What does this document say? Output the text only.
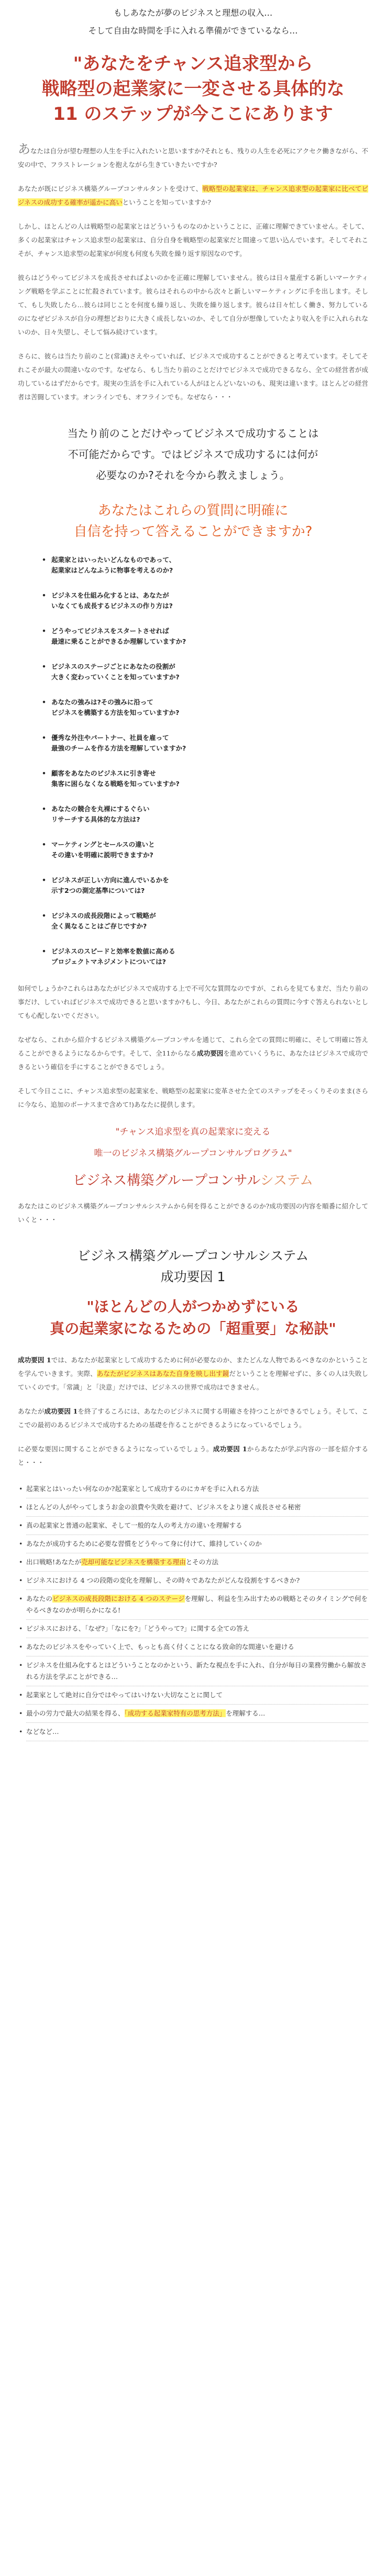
もしあなたが夢のビジネスと理想の収入…
そして自由な時間を手に入れる準備ができているなら…
"あなたをチャンス追求型から
戦略型の起業家に一変させる具体的な
11 のステップが今ここにあります

あなたは自分が望む理想の人生を手に入れたいと思いますか?それとも、残りの人生を必死にアクセク働きながら、不安の中で、フラストレーションを抱えながら生きていきたいですか?

あなたが既にビジネス構築グループコンサルタントを受けて、戦略型の起業家は、チャンス追求型の起業家に比べてビジネスの成功する確率が遥かに高いということを知っていますか?

しかし、ほとんどの人は戦略型の起業家とはどういうものなのかということに、正確に理解できていません。そして、多くの起業家はチャンス追求型の起業家は、自分自身を戦略型の起業家だと間違って思い込んでいます。そしてそれこそが、チャンス追求型の起業家が何度も何度も失敗を繰り返す原因なのです。

彼らはどうやってビジネスを成長させればよいのかを正確に理解していません。彼らは日々量産する新しいマーケティング戦略を学ぶことに忙殺されています。彼らはそれらの中から次々と新しいマーケティングに手を出します。そして、もし失敗したら…彼らは同じことを何度も繰り返し、失敗を繰り返します。彼らは日々忙しく働き、努力しているのになぜビジネスが自分の理想どおりに大きく成長しないのか、そして自分が想像していたより収入を手に入れられないのか、日々失望し、そして悩み続けています。

さらに、彼らは当たり前のこと(常識)さえやっていれば、ビジネスで成功することができると考えています。そしてそれこそが最大の間違いなのです。なぜなら、もし当たり前のことだけでビジネスで成功できるなら、全ての経営者が成功しているはずだからです。現実の生活を手に入れている人がほとんどいないのも、現実は違います。ほとんどの経営者は苦闘しています。オンラインでも、オフラインでも。なぜなら・・・

当たり前のことだけやってビジネスで成功することは
不可能だからです。ではビジネスで成功するには何が
必要なのか?それを今から教えましょう。
あなたはこれらの質問に明確に
自信を持って答えることができますか?
• 起業家とはいったいどんなものであって、
起業家はどんなふうに物事を考えるのか?
• ビジネスを仕組み化するとは、あなたが
いなくても成長するビジネスの作り方は?
• どうやってビジネスをスタートさせれば
最速に乗ることができるか理解していますか?
• ビジネスのステージごとにあなたの役割が
大きく変わっていくことを知っていますか?
• あなたの強みは?その強みに沿って
ビジネスを構築する方法を知っていますか?
• 優秀な外注やパートナー、社員を雇って
最強のチームを作る方法を理解していますか?
• 顧客をあなたのビジネスに引き寄せ
集客に困らなくなる戦略を知っていますか?
• あなたの競合を丸裸にするぐらい
リサーチする具体的な方法は?
• マーケティングとセールスの違いと
その違いを明確に説明できますか?
• ビジネスが正しい方向に進んでいるかを
示す2つの測定基準については?
• ビジネスの成長段階によって戦略が
全く異なることはご存じですか?
• ビジネスのスピードと効率を数値に高める
プロジェクトマネジメントについては?

如何でしょうか?これらはあなたがビジネスで成功する上で不可欠な質問なのですが、これらを見てもまだ、当たり前の事だけ、していればビジネスで成功できると思いますか?もし、今日、あなたがこれらの質問に今すぐ答えられないとしても心配しないでください。

なぜなら、これから紹介するビジネス構築グループコンサルを通じて、これら全ての質問に明確に、そして明確に答えることができるようになるからです。そして、全11からなる成功要因を進めていくうちに、あなたはビジネスで成功できるという確信を手にすることができるでしょう。

そして今日ここに、チャンス追求型の起業家を、戦略型の起業家に変革させた全てのステップをそっくりそのまま(さらに今なら、追加のボーナスまで含めて!)あなたに提供します。

"チャンス追求型を真の起業家に変える
唯一のビジネス構築グループコンサルプログラム"
ビジネス構築グループコンサルシステム

あなたはこのビジネス構築グループコンサルシステムから何を得ることができるのか?成功要因の内容を順番に紹介していくと・・・

ビジネス構築グループコンサルシステム
成功要因 1
"ほとんどの人がつかめずにいる
真の起業家になるための「超重要」な秘訣"

成功要因 1では、あなたが起業家として成功するために何が必要なのか、またどんな人物であるべきなのかということを学んでいきます。実際、あなたがビジネスはあなた自身を映し出す鏡だということを理解せずに、多くの人は失敗していくのです。「常識」と「決意」だけでは、ビジネスの世界で成功はできません。

あなたが成功要因 1を終了するころには、あなたのビジネスに関する明確さを持つことができるでしょう。そして、ここでの最初のあるビジネスで成功するための基礎を作ることができるようになっているでしょう。

に必要な要因に関することができるようになっているでしょう。成功要因 1からあなたが学ぶ内容の一部を紹介すると・・・

• 起業家とはいったい何なのか?起業家として成功するのにカギを手に入れる方法
• ほとんどの人がやってしまうお金の浪費や失敗を避けて、ビジネスをより速く成長させる秘密
• 真の起業家と普通の起業家、そして一般的な人の考え方の違いを理解する
• あなたが成功するために必要な習慣をどうやって身に付けて、維持していくのか
• 出口戦略!あなたが売却可能なビジネスを構築する理由とその方法
• ビジネスにおける 4 つの段階の変化を理解し、その時々であなたがどんな役割をするべきか?
• あなたのビジネスの成長段階における 4 つのステージを理解し、利益を生み出すための戦略とそのタイミングで何をやるべきなのかが明らかになる!
• ビジネスにおける、「なぜ?」「なにを?」「どうやって?」に関する全ての答え
• あなたのビジネスをやっていく上で、もっとも高く付くことになる致命的な間違いを避ける
• ビジネスを仕組み化するとはどういうことなのかという、新たな視点を手に入れ、自分が毎日の業務労働から解放される方法を学ぶことができる…
• 起業家として絶対に自分ではやってはいけない大切なことに関して
• 最小の労力で最大の結果を得る、「成功する起業家特有の思考方法」を理解する…
• などなど…
